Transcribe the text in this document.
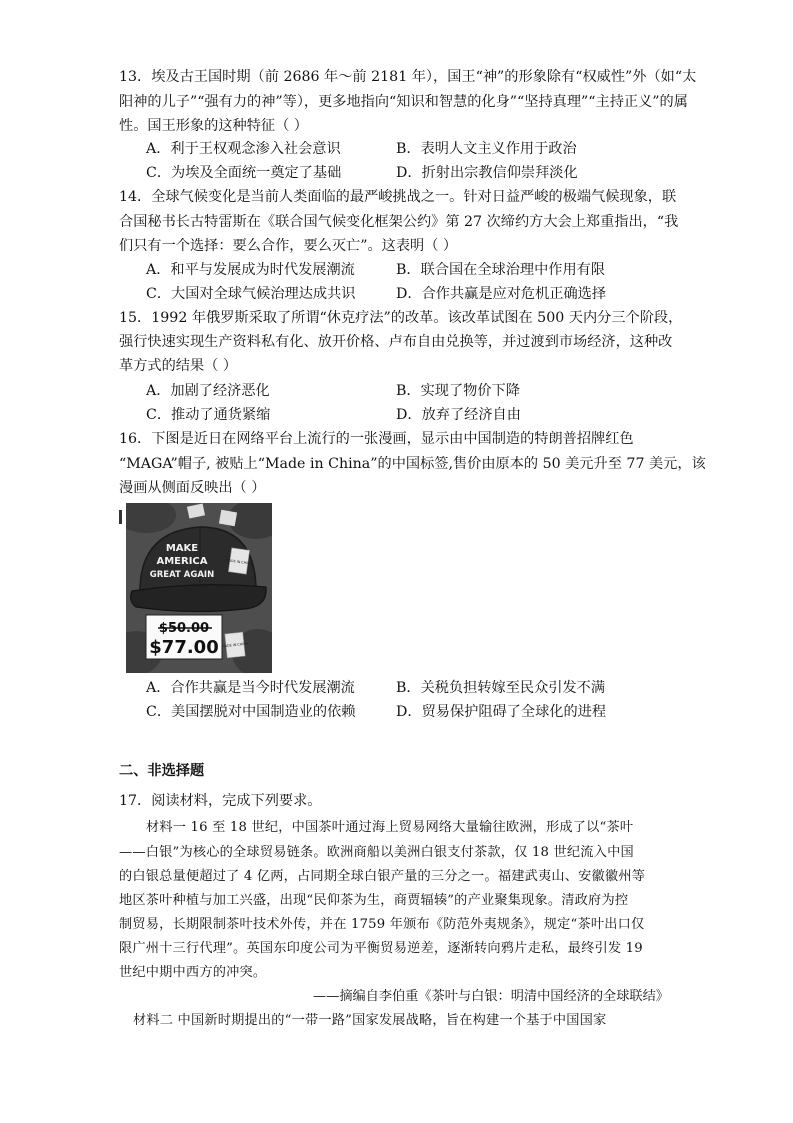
13．埃及古王国时期（前 2686 年～前 2181 年），国王“神”的形象除有“权威性”外（如“太
阳神的儿子”“强有力的神”等），更多地指向“知识和智慧的化身”“坚持真理”“主持正义”的属
性。国王形象的这种特征（ ）
A．利于王权观念渗入社会意识	B．表明人文主义作用于政治
C．为埃及全面统一奠定了基础	D．折射出宗教信仰崇拜淡化
14．全球气候变化是当前人类面临的最严峻挑战之一。针对日益严峻的极端气候现象，联
合国秘书长古特雷斯在《联合国气候变化框架公约》第 27 次缔约方大会上郑重指出，“我
们只有一个选择：要么合作，要么灭亡”。这表明（ ）
A．和平与发展成为时代发展潮流	B．联合国在全球治理中作用有限
C．大国对全球气候治理达成共识	D．合作共赢是应对危机正确选择
15．1992 年俄罗斯采取了所谓“休克疗法”的改革。该改革试图在 500 天内分三个阶段，
强行快速实现生产资料私有化、放开价格、卢布自由兑换等，并过渡到市场经济，这种改
革方式的结果（ ）
A．加剧了经济恶化	B．实现了物价下降
C．推动了通货紧缩	D．放弃了经济自由
16．下图是近日在网络平台上流行的一张漫画，显示由中国制造的特朗普招牌红色
“MAGA”帽子, 被贴上“Made in China”的中国标签,售价由原本的 50 美元升至 77 美元，该
漫画从侧面反映出（ ）
MAKE
AMERICA
GREAT AGAIN
MADE IN CHINA
$50.00
$77.00 MADE IN CHINA
A．合作共赢是当今时代发展潮流	B．关税负担转嫁至民众引发不满
C．美国摆脱对中国制造业的依赖	D．贸易保护阻碍了全球化的进程
二、非选择题
17．阅读材料，完成下列要求。
材料一 16 至 18 世纪，中国茶叶通过海上贸易网络大量输往欧洲，形成了以“茶叶
——白银”为核心的全球贸易链条。欧洲商船以美洲白银支付茶款，仅 18 世纪流入中国
的白银总量便超过了 4 亿两，占同期全球白银产量的三分之一。福建武夷山、安徽徽州等
地区茶叶种植与加工兴盛，出现“民仰茶为生，商贾辐辏”的产业聚集现象。清政府为控
制贸易，长期限制茶叶技术外传，并在 1759 年颁布《防范外夷规条》，规定“茶叶出口仅
限广州十三行代理”。英国东印度公司为平衡贸易逆差，逐渐转向鸦片走私，最终引发 19
世纪中期中西方的冲突。
——摘编自李伯重《茶叶与白银：明清中国经济的全球联结》
材料二 中国新时期提出的“一带一路”国家发展战略，旨在构建一个基于中国国家
